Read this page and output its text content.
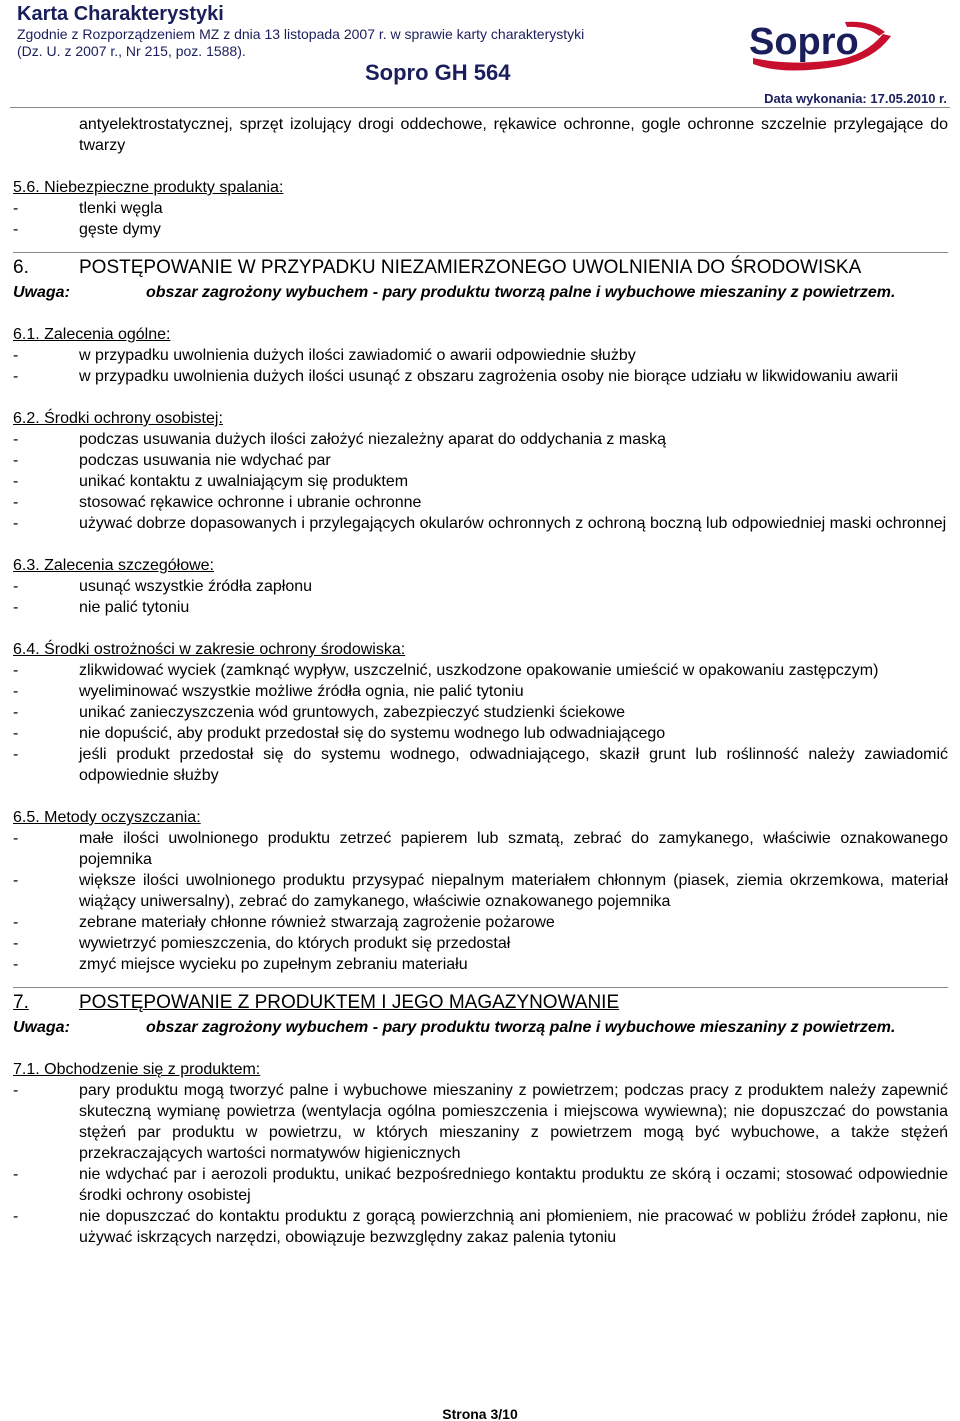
Karta Charakterystyki
Zgodnie z Rozporządzeniem MZ z dnia 13 listopada 2007 r. w sprawie karty charakterystyki
(Dz. U. z 2007 r., Nr 215, poz. 1588).
Sopro GH 564
Data wykonania: 17.05.2010 r.
Sopro
antyelektrostatycznej, sprzęt izolujący drogi oddechowe, rękawice ochronne, gogle ochronne szczelnie przylegające do twarzy
5.6. Niebezpieczne produkty spalania:
-	tlenki węgla
-	gęste dymy
6.	POSTĘPOWANIE W PRZYPADKU NIEZAMIERZONEGO UWOLNIENIA DO ŚRODOWISKA
Uwaga:	obszar zagrożony wybuchem - pary produktu tworzą palne i wybuchowe mieszaniny z powietrzem.
6.1. Zalecenia ogólne:
-	w przypadku uwolnienia dużych ilości zawiadomić o awarii odpowiednie służby
-	w przypadku uwolnienia dużych ilości usunąć z obszaru zagrożenia osoby nie biorące udziału w likwidowaniu awarii
6.2. Środki ochrony osobistej:
-	podczas usuwania dużych ilości założyć niezależny aparat do oddychania z maską
-	podczas usuwania nie wdychać par
-	unikać kontaktu z uwalniającym się produktem
-	stosować rękawice ochronne i ubranie ochronne
-	używać dobrze dopasowanych i przylegających okularów ochronnych z ochroną boczną lub odpowiedniej maski ochronnej
6.3. Zalecenia szczegółowe:
-	usunąć wszystkie źródła zapłonu
-	nie palić tytoniu
6.4. Środki ostrożności w zakresie ochrony środowiska:
-	zlikwidować wyciek (zamknąć wypływ, uszczelnić, uszkodzone opakowanie umieścić w opakowaniu zastępczym)
-	wyeliminować wszystkie możliwe źródła ognia, nie palić tytoniu
-	unikać zanieczyszczenia wód gruntowych, zabezpieczyć studzienki ściekowe
-	nie dopuścić, aby produkt przedostał się do systemu wodnego lub odwadniającego
-	jeśli produkt przedostał się do systemu wodnego, odwadniającego, skaził grunt lub roślinność należy zawiadomić odpowiednie służby
6.5. Metody oczyszczania:
-	małe ilości uwolnionego produktu zetrzeć papierem lub szmatą, zebrać do zamykanego, właściwie oznakowanego pojemnika
-	większe ilości uwolnionego produktu przysypać niepalnym materiałem chłonnym (piasek, ziemia okrzemkowa, materiał wiążący uniwersalny), zebrać do zamykanego, właściwie oznakowanego pojemnika
-	zebrane materiały chłonne również stwarzają zagrożenie pożarowe
-	wywietrzyć pomieszczenia, do których produkt się przedostał
-	zmyć miejsce wycieku po zupełnym zebraniu materiału
7.	POSTĘPOWANIE Z PRODUKTEM I JEGO MAGAZYNOWANIE
Uwaga:	obszar zagrożony wybuchem - pary produktu tworzą palne i wybuchowe mieszaniny z powietrzem.
7.1. Obchodzenie się z produktem:
-	pary produktu mogą tworzyć palne i wybuchowe mieszaniny z powietrzem; podczas pracy z produktem należy zapewnić skuteczną wymianę powietrza (wentylacja ogólna pomieszczenia i miejscowa wywiewna); nie dopuszczać do powstania stężeń par produktu w powietrzu, w których mieszaniny z powietrzem mogą być wybuchowe, a także stężeń przekraczających wartości normatywów higienicznych
-	nie wdychać par i aerozoli produktu, unikać bezpośredniego kontaktu produktu ze skórą i oczami; stosować odpowiednie środki ochrony osobistej
-	nie dopuszczać do kontaktu produktu z gorącą powierzchnią ani płomieniem, nie pracować w pobliżu źródeł zapłonu, nie używać iskrzących narzędzi, obowiązuje bezwzględny zakaz palenia tytoniu
Strona 3/10
